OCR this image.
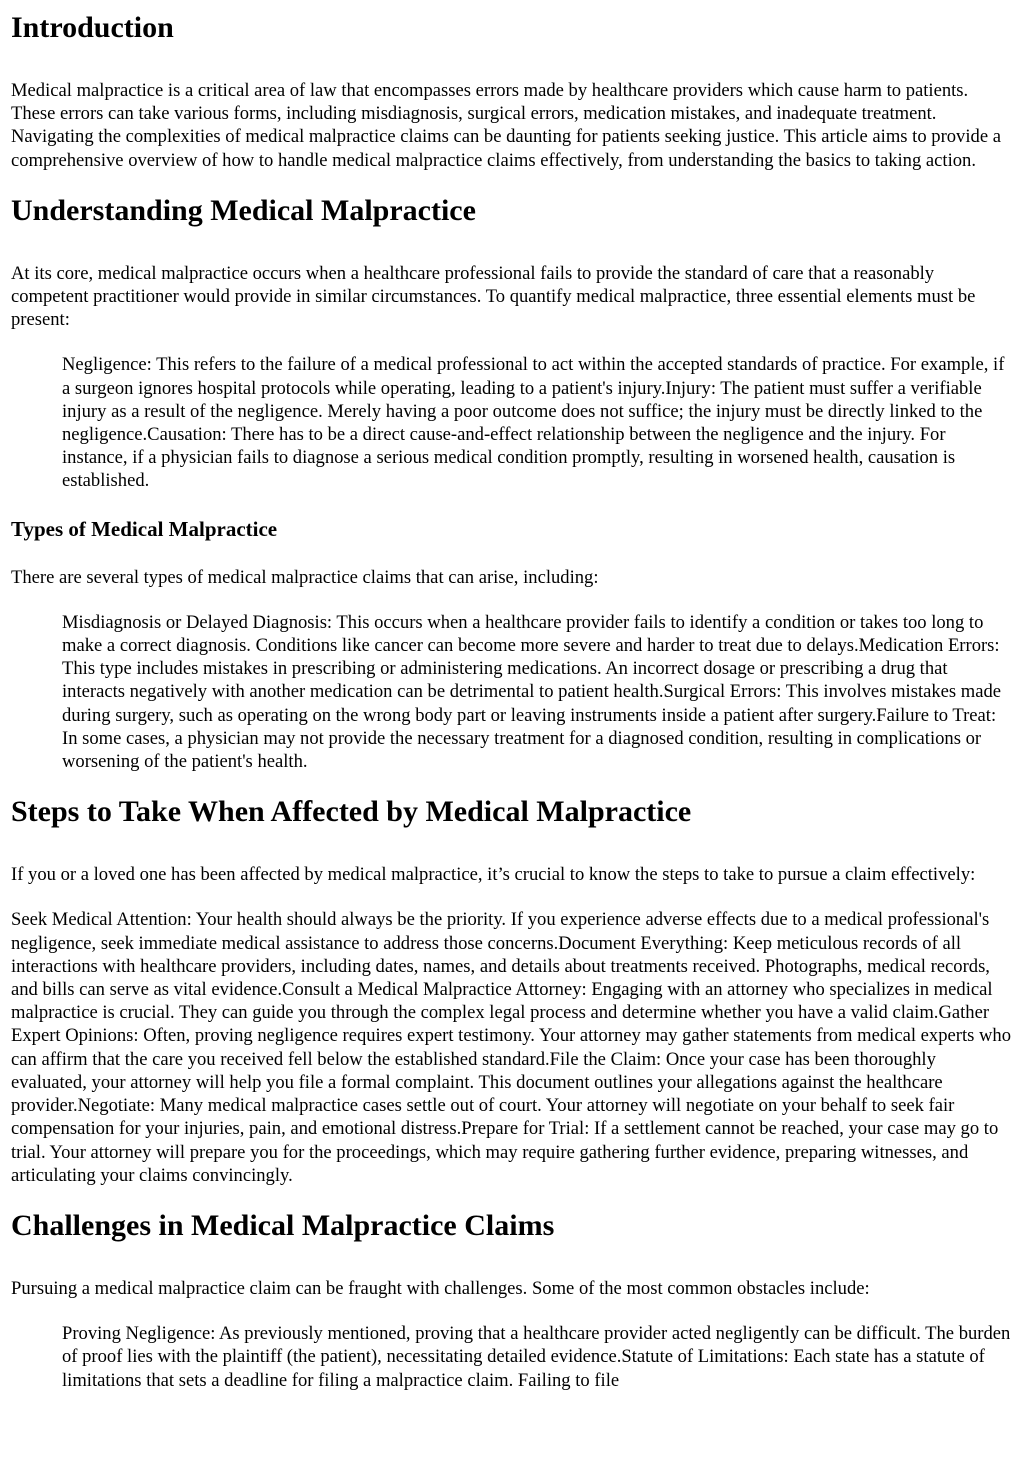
Introduction

Medical malpractice is a critical area of law that encompasses errors made by healthcare providers which cause harm to patients. These errors can take various forms, including misdiagnosis, surgical errors, medication mistakes, and inadequate treatment. Navigating the complexities of medical malpractice claims can be daunting for patients seeking justice. This article aims to provide a comprehensive overview of how to handle medical malpractice claims effectively, from understanding the basics to taking action.

Understanding Medical Malpractice

At its core, medical malpractice occurs when a healthcare professional fails to provide the standard of care that a reasonably competent practitioner would provide in similar circumstances. To quantify medical malpractice, three essential elements must be present:

Negligence: This refers to the failure of a medical professional to act within the accepted standards of practice. For example, if a surgeon ignores hospital protocols while operating, leading to a patient's injury.Injury: The patient must suffer a verifiable injury as a result of the negligence. Merely having a poor outcome does not suffice; the injury must be directly linked to the negligence.Causation: There has to be a direct cause-and-effect relationship between the negligence and the injury. For instance, if a physician fails to diagnose a serious medical condition promptly, resulting in worsened health, causation is established.
Types of Medical Malpractice

There are several types of medical malpractice claims that can arise, including:

Misdiagnosis or Delayed Diagnosis: This occurs when a healthcare provider fails to identify a condition or takes too long to make a correct diagnosis. Conditions like cancer can become more severe and harder to treat due to delays.Medication Errors: This type includes mistakes in prescribing or administering medications. An incorrect dosage or prescribing a drug that interacts negatively with another medication can be detrimental to patient health.Surgical Errors: This involves mistakes made during surgery, such as operating on the wrong body part or leaving instruments inside a patient after surgery.Failure to Treat: In some cases, a physician may not provide the necessary treatment for a diagnosed condition, resulting in complications or worsening of the patient's health.
Steps to Take When Affected by Medical Malpractice

If you or a loved one has been affected by medical malpractice, it’s crucial to know the steps to take to pursue a claim effectively:

Seek Medical Attention: Your health should always be the priority. If you experience adverse effects due to a medical professional's negligence, seek immediate medical assistance to address those concerns.Document Everything: Keep meticulous records of all interactions with healthcare providers, including dates, names, and details about treatments received. Photographs, medical records, and bills can serve as vital evidence.Consult a Medical Malpractice Attorney: Engaging with an attorney who specializes in medical malpractice is crucial. They can guide you through the complex legal process and determine whether you have a valid claim.Gather Expert Opinions: Often, proving negligence requires expert testimony. Your attorney may gather statements from medical experts who can affirm that the care you received fell below the established standard.File the Claim: Once your case has been thoroughly evaluated, your attorney will help you file a formal complaint. This document outlines your allegations against the healthcare provider.Negotiate: Many medical malpractice cases settle out of court. Your attorney will negotiate on your behalf to seek fair compensation for your injuries, pain, and emotional distress.Prepare for Trial: If a settlement cannot be reached, your case may go to trial. Your attorney will prepare you for the proceedings, which may require gathering further evidence, preparing witnesses, and articulating your claims convincingly.

Challenges in Medical Malpractice Claims

Pursuing a medical malpractice claim can be fraught with challenges. Some of the most common obstacles include:

Proving Negligence: As previously mentioned, proving that a healthcare provider acted negligently can be difficult. The burden of proof lies with the plaintiff (the patient), necessitating detailed evidence.Statute of Limitations: Each state has a statute of limitations that sets a deadline for filing a malpractice claim. Failing to file
